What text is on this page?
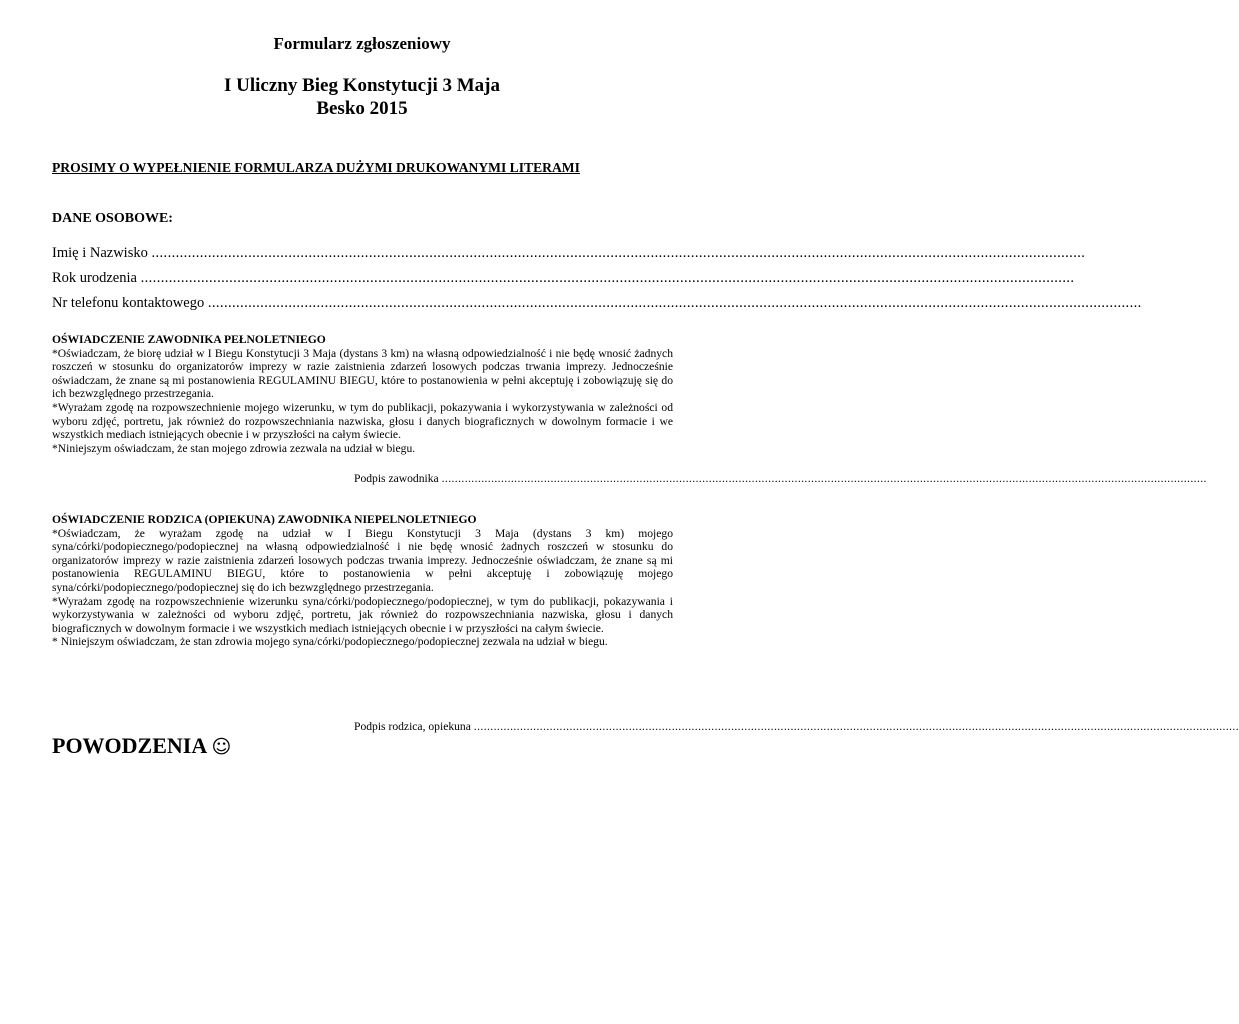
Formularz zgłoszeniowy
I Uliczny Bieg Konstytucji 3 Maja
Besko 2015
PROSIMY O WYPEŁNIENIE FORMULARZA DUŻYMI DRUKOWANYMI LITERAMI
DANE OSOBOWE:
Imię i Nazwisko ........................................................................................................................................................................................................................................
Rok urodzenia ........................................................................................................................................................................................................................................
Nr telefonu kontaktowego ........................................................................................................................................................................................................................................
OŚWIADCZENIE ZAWODNIKA PEŁNOLETNIEGO

*Oświadczam, że biorę udział w I Biegu Konstytucji 3 Maja (dystans 3 km) na własną odpowiedzialność i nie będę wnosić żadnych roszczeń w stosunku do organizatorów imprezy w razie zaistnienia zdarzeń losowych podczas trwania imprezy. Jednocześnie oświadczam, że znane są mi postanowienia REGULAMINU BIEGU, które to postanowienia w pełni akceptuję i zobowiązuję się do ich bezwzględnego przestrzegania.

*Wyrażam zgodę na rozpowszechnienie mojego wizerunku, w tym do publikacji, pokazywania i wykorzystywania w zależności od wyboru zdjęć, portretu, jak również do rozpowszechniania nazwiska, głosu i danych biograficznych w dowolnym formacie i we wszystkich mediach istniejących obecnie i w przyszłości na całym świecie.

*Niniejszym oświadczam, że stan mojego zdrowia zezwala na udział w biegu.

Podpis zawodnika ........................................................................................................................................................................................................................................
OŚWIADCZENIE RODZICA (OPIEKUNA) ZAWODNIKA NIEPELNOLETNIEGO

*Oświadczam, że wyrażam zgodę na udział w I Biegu Konstytucji 3 Maja (dystans 3 km) mojego syna/córki/podopiecznego/podopiecznej na własną odpowiedzialność i nie będę wnosić żadnych roszczeń w stosunku do organizatorów imprezy w razie zaistnienia zdarzeń losowych podczas trwania imprezy. Jednocześnie oświadczam, że znane są mi postanowienia REGULAMINU BIEGU, które to postanowienia w pełni akceptuję i zobowiązuję mojego syna/córki/podopiecznego/podopiecznej się do ich bezwzględnego przestrzegania.

*Wyrażam zgodę na rozpowszechnienie wizerunku syna/córki/podopiecznego/podopiecznej, w tym do publikacji, pokazywania i wykorzystywania w zależności od wyboru zdjęć, portretu, jak również do rozpowszechniania nazwiska, głosu i danych biograficznych w dowolnym formacie i we wszystkich mediach istniejących obecnie i w przyszłości na całym świecie.

* Niniejszym oświadczam, że stan zdrowia mojego syna/córki/podopiecznego/podopiecznej zezwala na udział w biegu.

Podpis rodzica, opiekuna ........................................................................................................................................................................................................................................
POWODZENIA ☺
